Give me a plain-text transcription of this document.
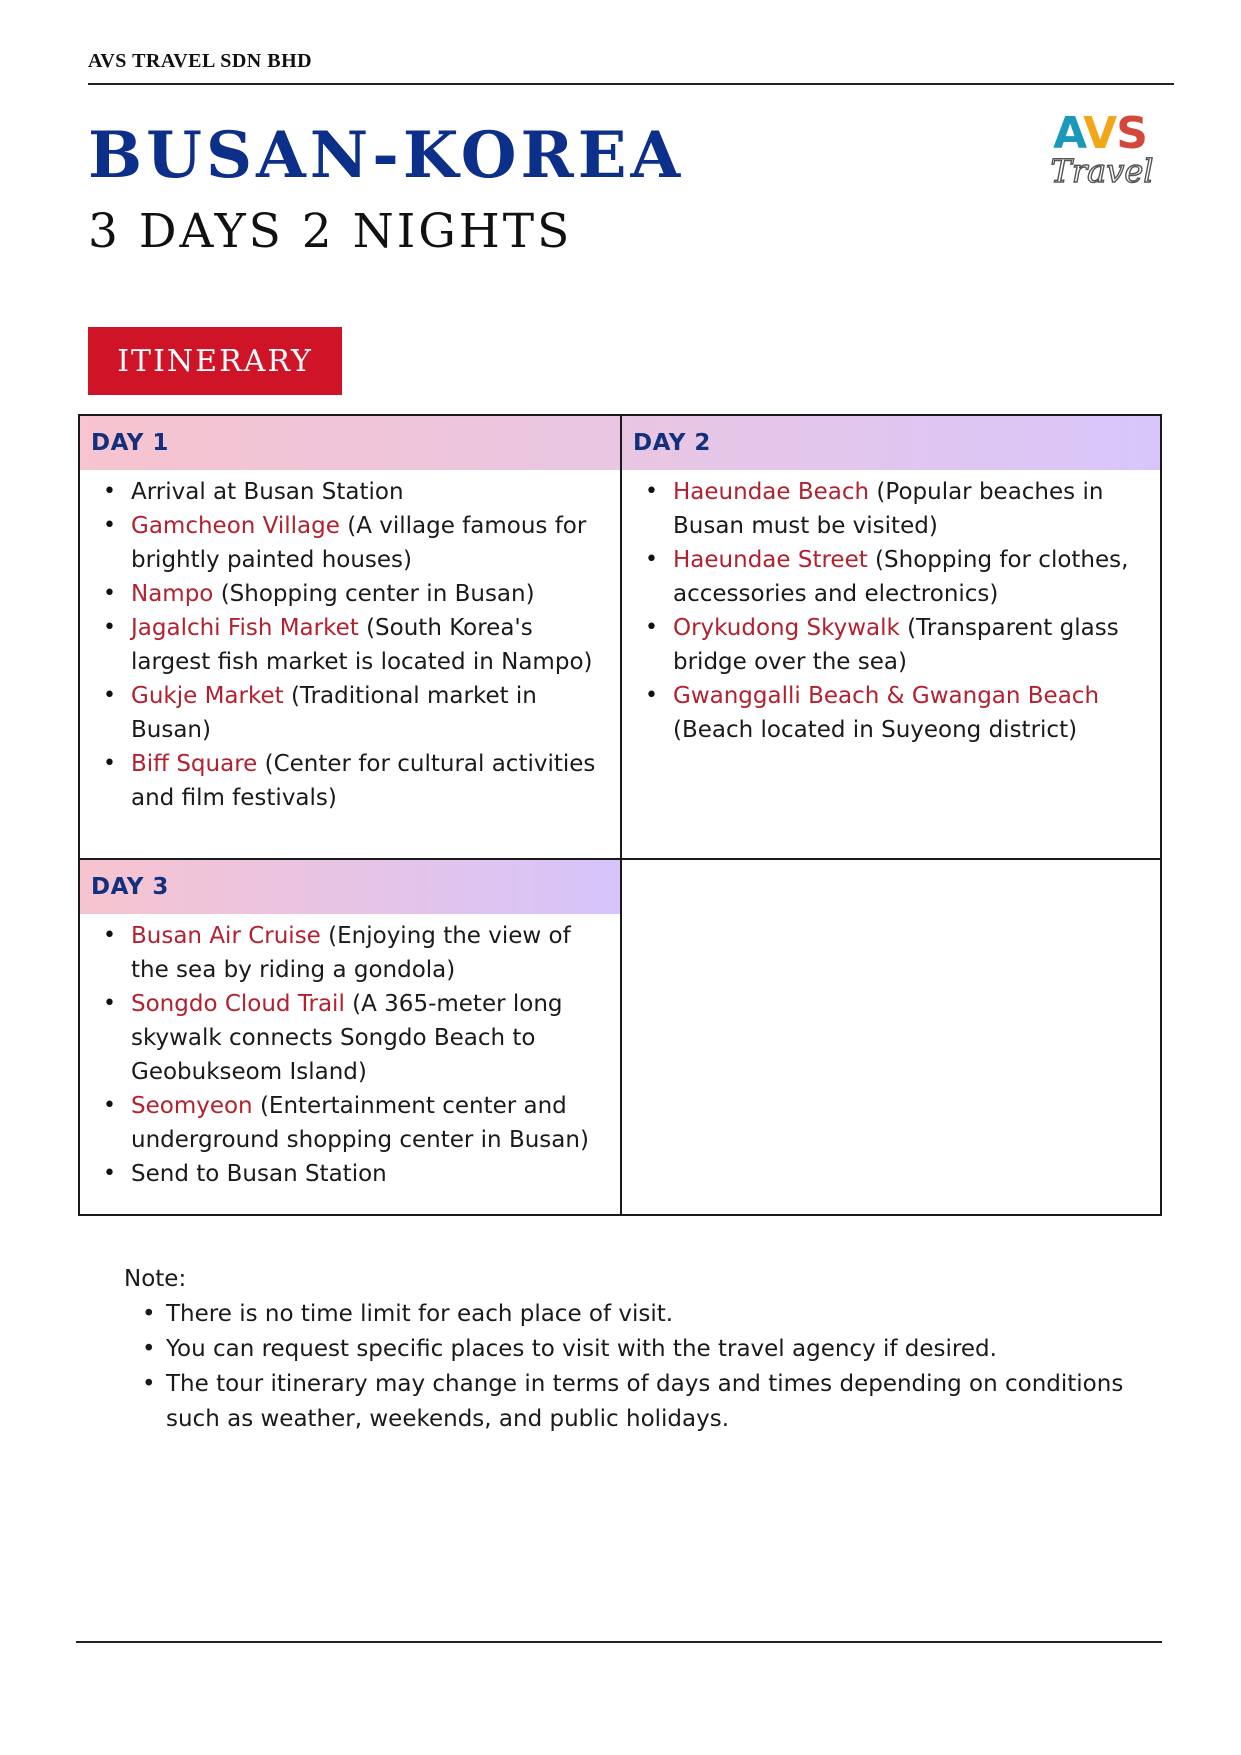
AVS TRAVEL SDN BHD
BUSAN-KOREA
3 DAYS 2 NIGHTS
AVS
Travel
ITINERARY
DAY 1
• Arrival at Busan Station
• Gamcheon Village (A village famous for brightly painted houses)
• Nampo (Shopping center in Busan)
• Jagalchi Fish Market (South Korea's largest fish market is located in Nampo)
• Gukje Market (Traditional market in Busan)
• Biff Square (Center for cultural activities and film festivals)
DAY 2
• Haeundae Beach (Popular beaches in Busan must be visited)
• Haeundae Street (Shopping for clothes, accessories and electronics)
• Orykudong Skywalk (Transparent glass bridge over the sea)
• Gwanggalli Beach & Gwangan Beach (Beach located in Suyeong district)
DAY 3
• Busan Air Cruise (Enjoying the view of the sea by riding a gondola)
• Songdo Cloud Trail (A 365-meter long skywalk connects Songdo Beach to Geobukseom Island)
• Seomyeon (Entertainment center and underground shopping center in Busan)
• Send to Busan Station
Note:
• There is no time limit for each place of visit.
• You can request specific places to visit with the travel agency if desired.
• The tour itinerary may change in terms of days and times depending on conditions such as weather, weekends, and public holidays.
